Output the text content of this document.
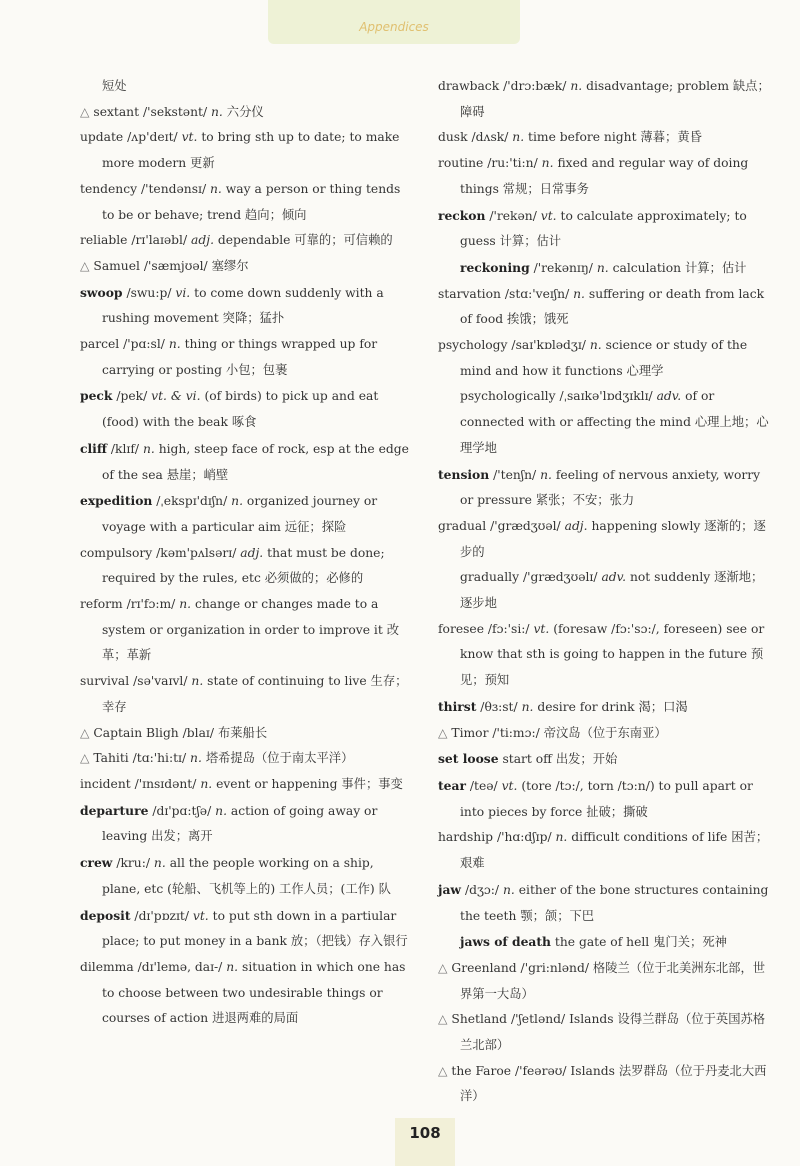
Appendices

短处

△ sextant /'sekstənt/ n. 六分仪

update /ʌp'deɪt/ vt. to bring sth up to date; to make more modern 更新

tendency /'tendənsɪ/ n. way a person or thing tends to be or behave; trend 趋向；倾向

reliable /rɪ'laɪəbl/ adj. dependable 可靠的；可信赖的

△ Samuel /'sæmjʊəl/ 塞缪尔

swoop /swu:p/ vi. to come down suddenly with a rushing movement 突降；猛扑

parcel /'pɑ:sl/ n. thing or things wrapped up for carrying or posting 小包；包裹

peck /pek/ vt. & vi. (of birds) to pick up and eat (food) with the beak 啄食

cliff /klɪf/ n. high, steep face of rock, esp at the edge of the sea 悬崖；峭壁

expedition /ˌekspɪ'dɪʃn/ n. organized journey or voyage with a particular aim 远征；探险

compulsory /kəm'pʌlsərɪ/ adj. that must be done; required by the rules, etc 必须做的；必修的

reform /rɪ'fɔ:m/ n. change or changes made to a system or organization in order to improve it 改革；革新

survival /sə'vaɪvl/ n. state of continuing to live 生存；幸存

△ Captain Bligh /blaɪ/ 布莱船长

△ Tahiti /tɑ:'hi:tɪ/ n. 塔希提岛（位于南太平洋）

incident /'ɪnsɪdənt/ n. event or happening 事件；事变

departure /dɪ'pɑ:tʃə/ n. action of going away or leaving 出发；离开

crew /kru:/ n. all the people working on a ship, plane, etc (轮船、飞机等上的) 工作人员；(工作) 队

deposit /dɪ'pɒzɪt/ vt. to put sth down in a partiular place; to put money in a bank 放；（把钱）存入银行

dilemma /dɪ'lemə, daɪ-/ n. situation in which one has to choose between two undesirable things or courses of action 进退两难的局面

drawback /'drɔ:bæk/ n. disadvantage; problem 缺点；障碍

dusk /dʌsk/ n. time before night 薄暮；黄昏

routine /ru:'ti:n/ n. fixed and regular way of doing things 常规；日常事务

reckon /'rekən/ vt. to calculate approximately; to guess 计算；估计

reckoning /'rekənɪŋ/ n. calculation 计算；估计

starvation /stɑ:'veɪʃn/ n. suffering or death from lack of food 挨饿；饿死

psychology /saɪ'kɒlədʒɪ/ n. science or study of the mind and how it functions 心理学

psychologically /ˌsaɪkə'lɒdʒɪklɪ/ adv. of or connected with or affecting the mind 心理上地；心理学地

tension /'tenʃn/ n. feeling of nervous anxiety, worry or pressure 紧张；不安；张力

gradual /'grædʒʊəl/ adj. happening slowly 逐渐的；逐步的

gradually /'grædʒʊəlɪ/ adv. not suddenly 逐渐地；逐步地

foresee /fɔ:'si:/ vt. (foresaw /fɔ:'sɔ:/, foreseen) see or know that sth is going to happen in the future 预见；预知

thirst /θɜ:st/ n. desire for drink 渴；口渴

△ Timor /'ti:mɔ:/ 帝汶岛（位于东南亚）

set loose start off 出发；开始

tear /teə/ vt. (tore /tɔ:/, torn /tɔ:n/) to pull apart or into pieces by force 扯破；撕破

hardship /'hɑ:dʃɪp/ n. difficult conditions of life 困苦；艰难

jaw /dʒɔ:/ n. either of the bone structures containing the teeth 颚；颌；下巴

jaws of death the gate of hell 鬼门关；死神

△ Greenland /'gri:nlənd/ 格陵兰（位于北美洲东北部，世界第一大岛）

△ Shetland /'ʃetlənd/ Islands 设得兰群岛（位于英国苏格兰北部）

△ the Faroe /'feərəʊ/ Islands 法罗群岛（位于丹麦北大西洋）

108
